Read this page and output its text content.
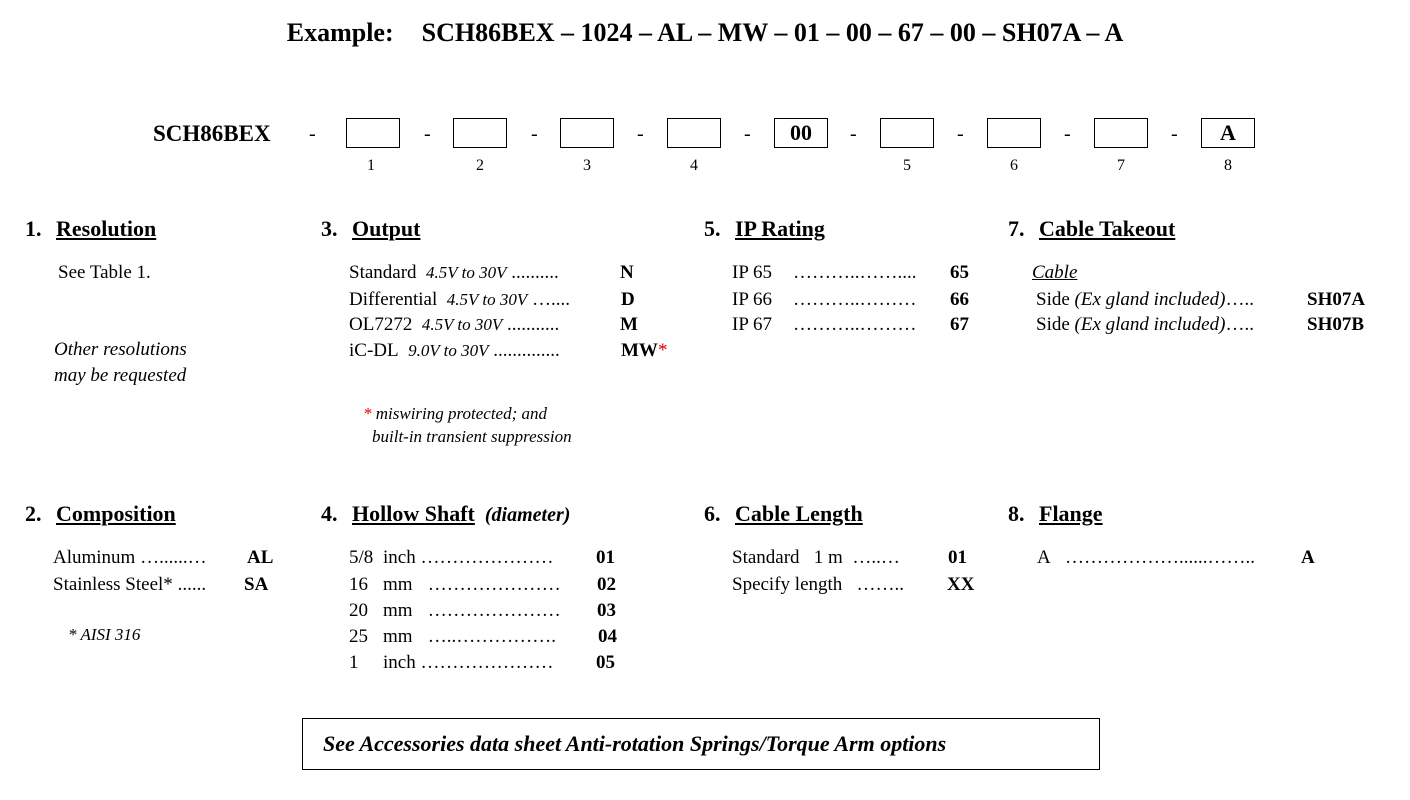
Example: SCH86BEX – 1024 – AL – MW – 01 – 00 – 67 – 00 – SH07A – A
SCH86BEX -	-	-	-	-	00	-	-	-	-	A
1	2	3	4	5	6	7	8
1. Resolution
See Table 1.
Other resolutions
may be requested
2. Composition
Aluminum …......… AL
Stainless Steel* ...... SA
* AISI 316
3. Output
Standard 4.5V to 30V ..........	N
Differential 4.5V to 30V …....	D
OL7272 4.5V to 30V ...........	M
iC-DL 9.0V to 30V ..............	MW*
* miswiring protected; and
built-in transient suppression
4. Hollow Shaft (diameter)
5/8 inch ………………… 01
16 mm ………………… 02
20 mm ………………… 03
25 mm …..……………. 04
1 inch ………………… 05
5. IP Rating
IP 65 ………..…….... 65
IP 66 ………..……… 66
IP 67 ………..……… 67
6. Cable Length
Standard 1 m …..…	01
Specify length …….. XX
7. Cable Takeout
Cable
Side (Ex gland included)…..	SH07A
Side (Ex gland included)…..	SH07B
8. Flange
A ………………......…….. A
See Accessories data sheet Anti-rotation Springs/Torque Arm options
